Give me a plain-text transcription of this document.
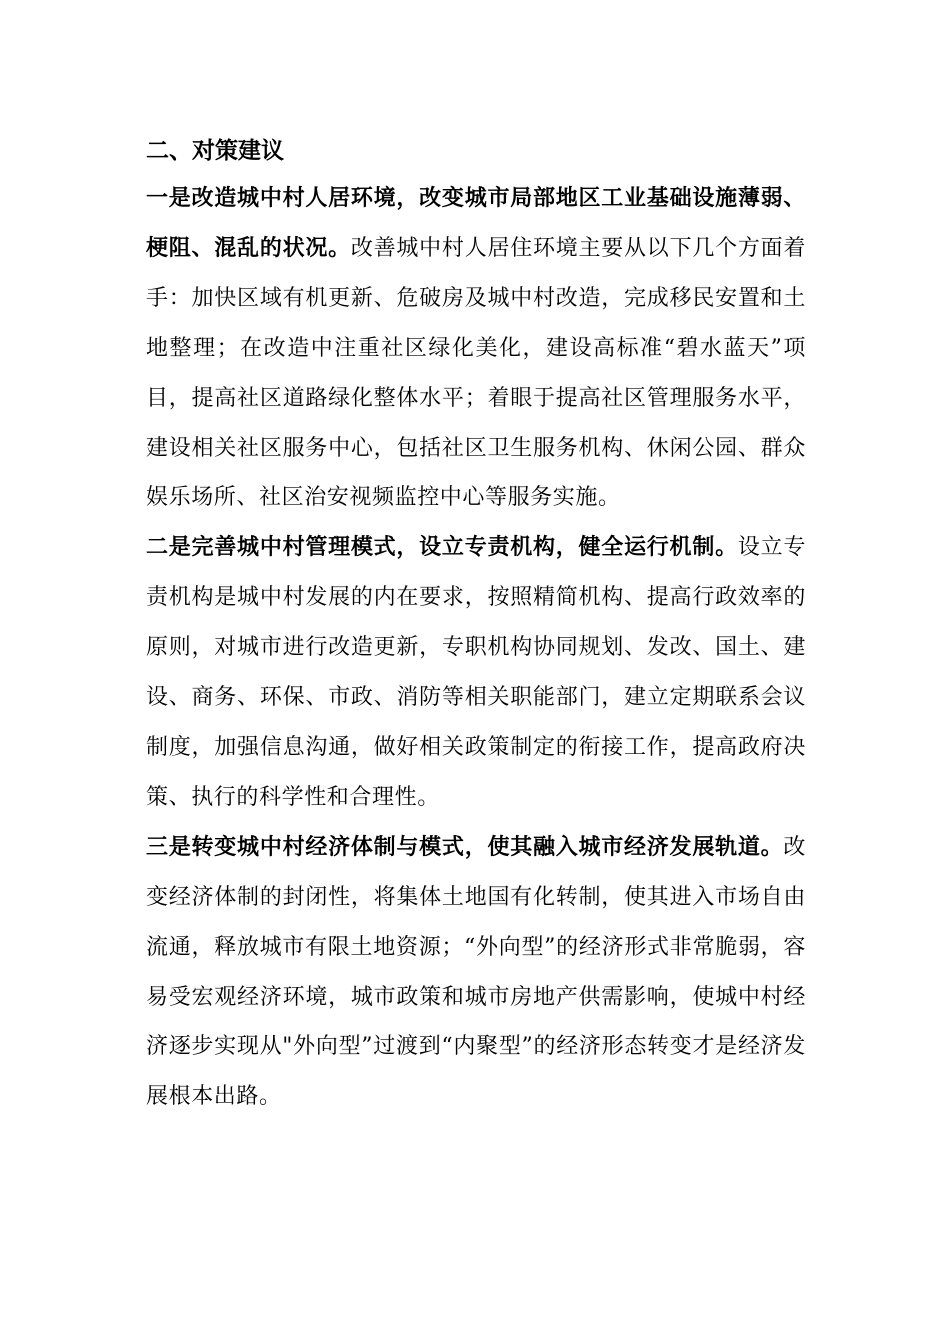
二、对策建议

一是改造城中村人居环境，改变城市局部地区工业基础设施薄弱、梗阻、混乱的状况。改善城中村人居住环境主要从以下几个方面着手：加快区域有机更新、危破房及城中村改造，完成移民安置和土地整理；在改造中注重社区绿化美化，建设高标准“碧水蓝天”项目，提高社区道路绿化整体水平；着眼于提高社区管理服务水平，建设相关社区服务中心，包括社区卫生服务机构、休闲公园、群众娱乐场所、社区治安视频监控中心等服务实施。

二是完善城中村管理模式，设立专责机构，健全运行机制。设立专责机构是城中村发展的内在要求，按照精简机构、提高行政效率的原则，对城市进行改造更新，专职机构协同规划、发改、国土、建设、商务、环保、市政、消防等相关职能部门，建立定期联系会议制度，加强信息沟通，做好相关政策制定的衔接工作，提高政府决策、执行的科学性和合理性。

三是转变城中村经济体制与模式，使其融入城市经济发展轨道。改变经济体制的封闭性，将集体土地国有化转制，使其进入市场自由流通，释放城市有限土地资源；“外向型”的经济形式非常脆弱，容易受宏观经济环境，城市政策和城市房地产供需影响，使城中村经济逐步实现从"外向型”过渡到“内聚型”的经济形态转变才是经济发展根本出路。
